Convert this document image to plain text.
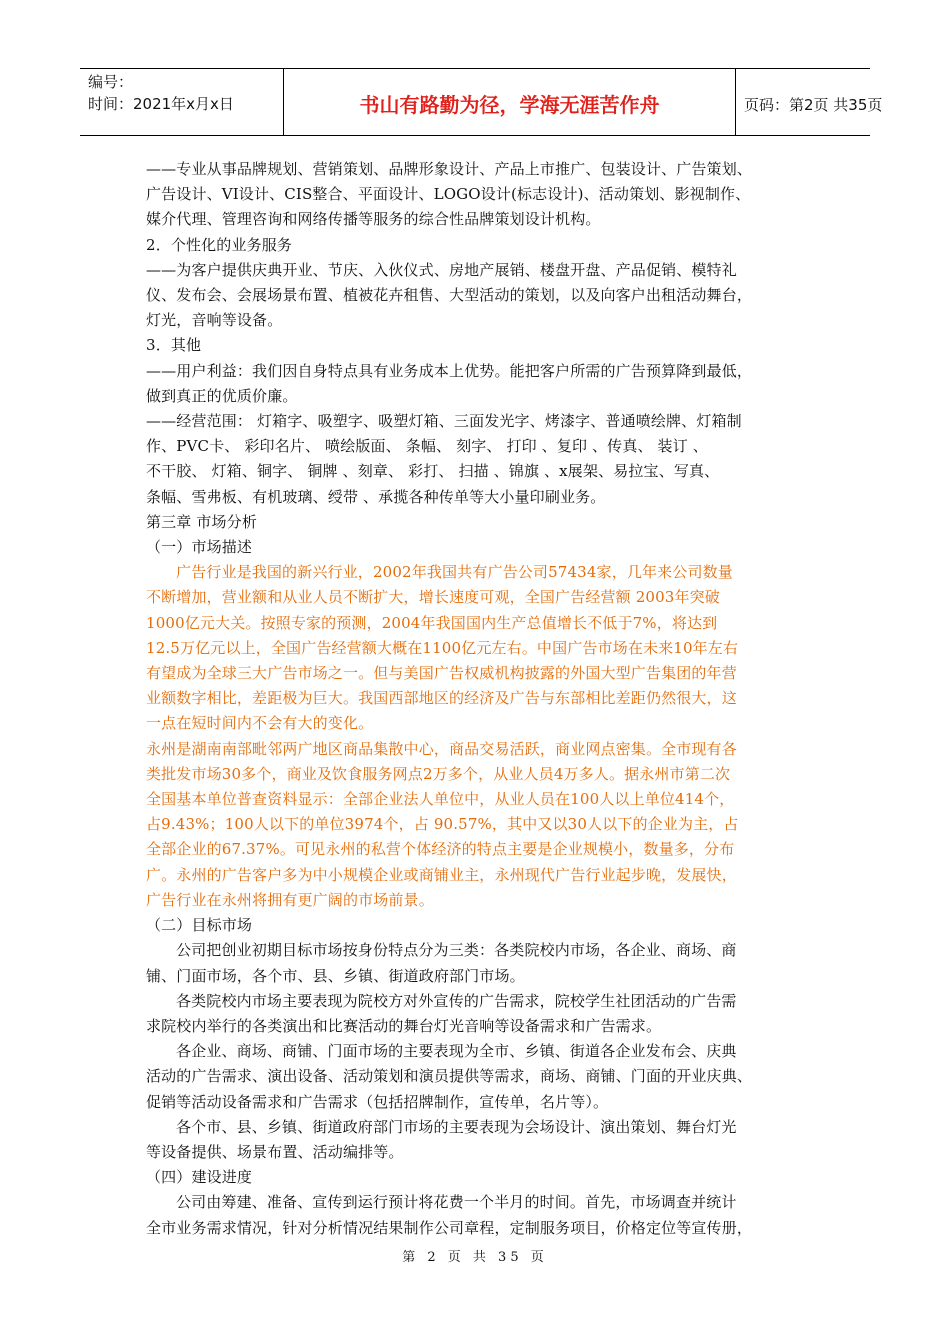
编号：
时间：2021年x月x日	书山有路勤为径，学海无涯苦作舟	页码：第2页 共35页
——专业从事品牌规划、营销策划、品牌形象设计、产品上市推广、包装设计、广告策划、
广告设计、VI设计、CIS整合、平面设计、LOGO设计(标志设计)、活动策划、影视制作、
媒介代理、管理咨询和网络传播等服务的综合性品牌策划设计机构。
2．个性化的业务服务
——为客户提供庆典开业、节庆、入伙仪式、房地产展销、楼盘开盘、产品促销、模特礼
仪、发布会、会展场景布置、植被花卉租售、大型活动的策划，以及向客户出租活动舞台，
灯光，音响等设备。
3．其他
——用户利益：我们因自身特点具有业务成本上优势。能把客户所需的广告预算降到最低，
做到真正的优质价廉。
——经营范围： 灯箱字、吸塑字、吸塑灯箱、三面发光字、烤漆字、普通喷绘牌、灯箱制
作、PVC卡、 彩印名片、 喷绘版面、 条幅、 刻字、 打印 、复印 、传真、 装订 、
不干胶、 灯箱、铜字、 铜牌 、刻章、 彩打、 扫描 、锦旗 、x展架、易拉宝、写真、
条幅、雪弗板、有机玻璃、绶带 、承揽各种传单等大小量印刷业务。
第三章 市场分析
（一）市场描述
广告行业是我国的新兴行业，2002年我国共有广告公司57434家，几年来公司数量
不断增加，营业额和从业人员不断扩大，增长速度可观，全国广告经营额 2003年突破
1000亿元大关。按照专家的预测，2004年我国国内生产总值增长不低于7%，将达到
12.5万亿元以上，全国广告经营额大概在1100亿元左右。中国广告市场在未来10年左右
有望成为全球三大广告市场之一。但与美国广告权威机构披露的外国大型广告集团的年营
业额数字相比，差距极为巨大。我国西部地区的经济及广告与东部相比差距仍然很大，这
一点在短时间内不会有大的变化。
永州是湖南南部毗邻两广地区商品集散中心，商品交易活跃，商业网点密集。全市现有各
类批发市场30多个，商业及饮食服务网点2万多个，从业人员4万多人。据永州市第二次
全国基本单位普查资料显示：全部企业法人单位中，从业人员在100人以上单位414个，
占9.43%；100人以下的单位3974个，占 90.57%，其中又以30人以下的企业为主，占
全部企业的67.37%。可见永州的私营个体经济的特点主要是企业规模小，数量多，分布
广。永州的广告客户多为中小规模企业或商铺业主，永州现代广告行业起步晚，发展快，
广告行业在永州将拥有更广阔的市场前景。
（二）目标市场
公司把创业初期目标市场按身份特点分为三类：各类院校内市场，各企业、商场、商
铺、门面市场，各个市、县、乡镇、街道政府部门市场。
各类院校内市场主要表现为院校方对外宣传的广告需求，院校学生社团活动的广告需
求院校内举行的各类演出和比赛活动的舞台灯光音响等设备需求和广告需求。
各企业、商场、商铺、门面市场的主要表现为全市、乡镇、街道各企业发布会、庆典
活动的广告需求、演出设备、活动策划和演员提供等需求，商场、商铺、门面的开业庆典、
促销等活动设备需求和广告需求（包括招牌制作，宣传单，名片等）。
各个市、县、乡镇、街道政府部门市场的主要表现为会场设计、演出策划、舞台灯光
等设备提供、场景布置、活动编排等。
（四）建设进度
公司由筹建、准备、宣传到运行预计将花费一个半月的时间。首先，市场调查并统计
全市业务需求情况，针对分析情况结果制作公司章程，定制服务项目，价格定位等宣传册，
第 2 页 共 35 页
